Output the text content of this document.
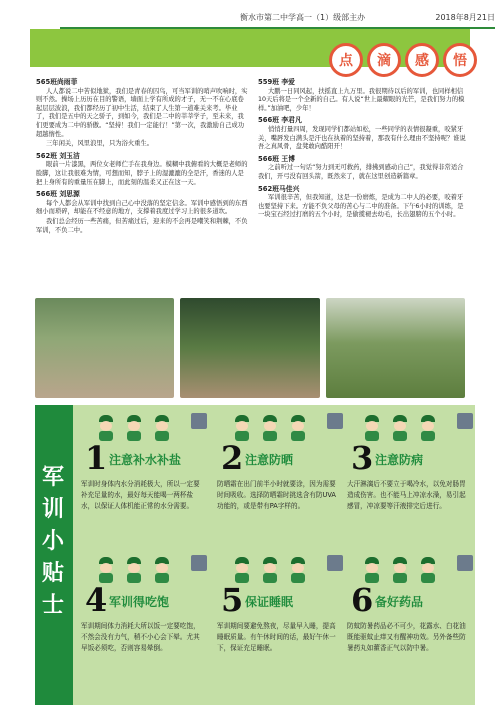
衡水市第二中学高一（1）级部主办	2018年8月21日
点	滴	感	悟
565班尚雨菲
人人都说二中苦似地狱，我们是青春的囚鸟，可当军训的哨声吹响时，实则不然。操场上历历在目的警语，墙面上学有所成的才子，无一不在心底卷起层层波浪，我们都经历了初中生活，结束了人生第一道难关来考。毕业了，我们是五中的天之骄子，到如今，我们是二中的莘莘学子，至未来，我们更要成为二中的骄傲。“坚持！我们一定能行！”第一次，我激励自己成功超越惰性。
三年闲关，风里浪里，只为浴火重生。
562班 刘玉洁
眼前一片漆黑，两位女老师伫手在我身边。模糊中我俯看的大概是老师的脸脚，这让我很难为情，可想而知，脖子上的湿漉漉的全是汗，香迷的人是把上身所有的重量压在脚上，而此刻的温柔又正在这一天。
566班 刘思源
每个人都会从军训中找到自己心中没落的坚定信念。军训中感悟到的东西细小而琐碎，却能在不经意的地方，支撑着我度过学习上的很多道坎。
我们总会经历一些苦痛，但苦痛过后，迎来的不会再是嘲笑和荆棘，不负军训，不负二中。
559班 李爱
大鹏一日同风起，扶摇直上九万里。我很期待以后的军训，也同样相信10天后将是一个全新的自己。有人说“世上最耀眼的光芒，是我们努力的模样。”加油吧，少年！
566班 李君凡
悄悄打量四周，发现同学们都站如松，一些同学的表情很凝重，咬紧牙关，嘴唇发白满头是汗也在执着的坚持着，那我有什么理由不坚持呢？谁说吾之真风骨，盘凳敢向酷阳开！
566班 王博
之前听过一句话“努力到无可救药，排拂到感动自己”，我觉得非常适合我们，开弓没有回头箭，既然来了，就在这里创造新篇章。
562班马佳兴
军训很辛苦，但我知道，这是一份磨炼，是成为二中人的必要，咬着牙也要坚持下来。方能不负父母的苦心与二中的准备。下午6小时的训练，是一块宝石经过打磨的五个小时，是偷揽褪去幼毛，长出翅膀的五个小时。
军
训
小
贴
士
1 注意补水补盐
军训时身体内水分消耗极大，所以一定要补充足量的水，最好每天能喝一两杯盐水，以保证人体机能正常的水分需要。
2 注意防晒
防晒霜在出门前半小时就要涂，因为需要时间吸收。选择防晒霜时挑选含有防UVA功能的，或是带有PA字样的。
3 注意防病
大汗淋漓后不要立于喝冷水，以免对肠胃造成伤害。也不能马上冲凉水澡，易引起感冒，冲凉要等汗液排完后进行。
4 军训得吃饱
军训期间体力消耗大所以饭一定要吃饱，不然会没有力气，稍不小心会下晕。尤其早饭必须吃，否则容易晕倒。
5 保证睡眠
军训期间要避免熬夜，尽量早入睡，提高睡眠质量。有午休时间的话，最好午休一下，保证充足睡眠。
6 备好药品
防蚊防暑药品必不可少，花露水、白花油既能驱蚊止痒又有醒神功效。另外备些防暑药丸如藿香正气以防中暑。
